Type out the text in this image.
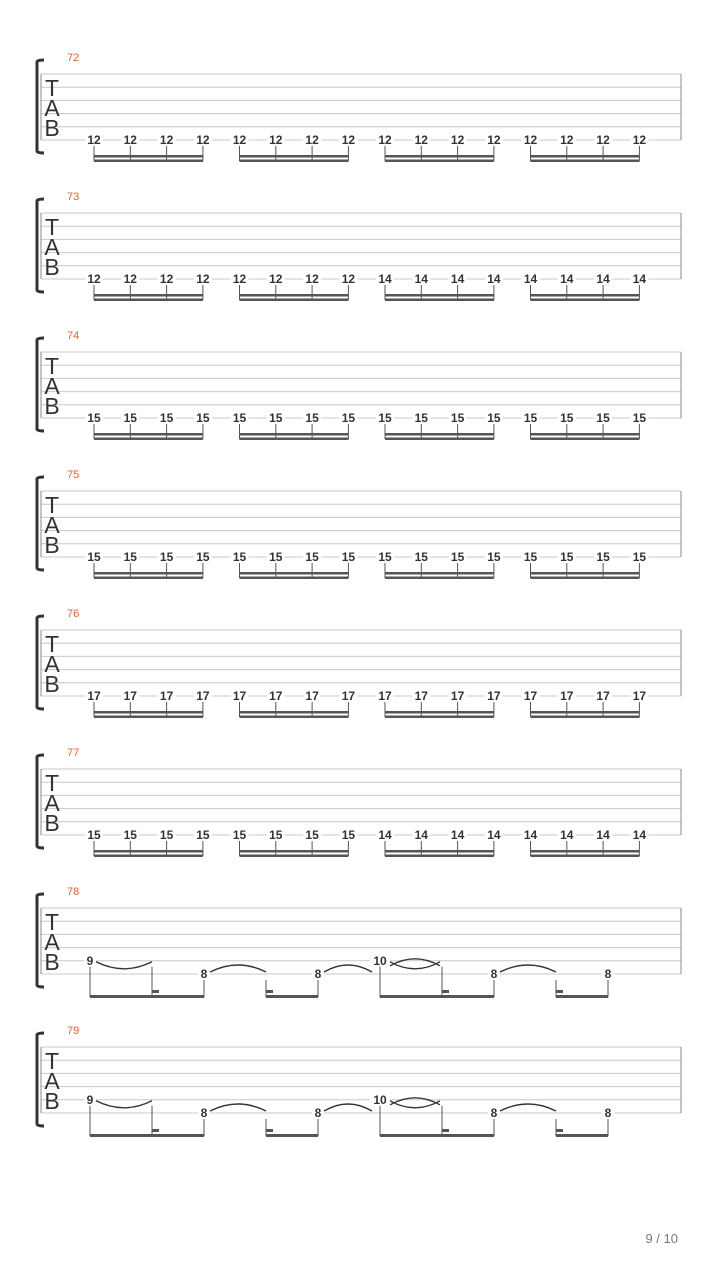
72
T
A
B 12 12 12 12 12 12 12 12 12 12 12 12 12 12 12 12
73
T
A
B 12 12 12 12 12 12 12 12 14 14 14 14 14 14 14 14
74
T
A
B 15 15 15 15 15 15 15 15 15 15 15 15 15 15 15 15
75
T
A
B 15 15 15 15 15 15 15 15 15 15 15 15 15 15 15 15
76
T
A
B 17 17 17 17 17 17 17 17 17 17 17 17 17 17 17 17
77
T
A
B 15 15 15 15 15 15 15 15 14 14 14 14 14 14 14 14
78
T
A
B 9
8	8
10
8	8
79
T
A
B 9
8	8
10
8	8
9 / 10
